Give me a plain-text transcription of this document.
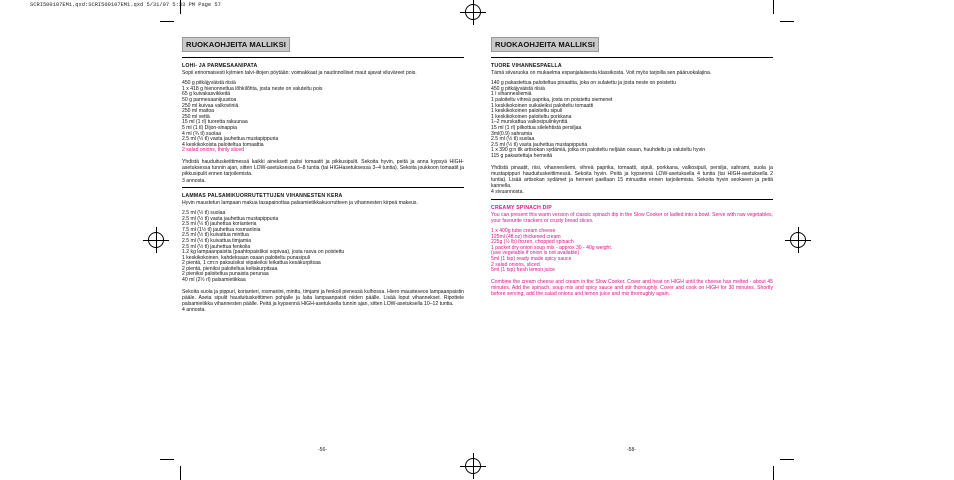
SCRI500107EM1.qxd:SCRI500107EM1.qxd 5/31/07 5:33 PM Page 57
RUOKAOHJEITA MALLIKSI
LOHI- JA PARMESAANIPATA

Sopii erinomaisesti kylmien talvi-iltojen pöytään: voimakkaat ja nautinnolliset maut ajavat viluväreet pois.

450 g pitkäjyväistä riisiä
1 x 418 g hienonnettua lõhkilõhta, josta neste on valuteltu pois
65 g kuivakasvikkeitä
50 g parmesaanijuustoa
250 ml kuivaa valkoviiniä
250 ml maitoa
250 ml vettä
15 ml (1 rl) tuoretta rakuunaa
5 ml (1 tl) Dijon-sinappia
4 ml (¾ tl) suolaa
2.5 ml (½ tl) vasta jauhettua mustapippuria
4 keskikokoista paloiteltua tomaattia
2 salad onions, thinly sliced

Yhdistä hauduituskeittimessä kaikki aineksett paitsi tomaatit ja pikkusipulit. Sekoita hyvin, peitä ja anna kypsyä HIGH-asetuksessa tunnin ajan, sitten LOW-asetuksessa 6–8 tuntia (tai HIGHasetuksessa 3–4 tuntia). Sekoita joukkoon tomaatit ja pikkusipulit ennen tarjoilemista.

3 annosta.

LAMMAS PALSAMIKUORRUTETTUJEN VIHANNESTEN KERA

Hyvin maustetun lampaan makua tasapainottaa palsamietikkakuorrutteen ja vihannesten kirpeä makeus.

2.5 ml (½ tl) suolaa
2.5 ml (½ tl) vasta jauhettua mustapippuria
2.5 ml (½ tl) jauhettua korianteria
7.5 ml (1½ tl) jauhettua rosmariinia
2.5 ml (½ tl) kuivattua minttua
2.5 ml (½ tl) kuivattua timjamia
2.5 ml (½ tl) jauhettua fenkolia
1.2 kg lampaanpaistia (paahtopaistiksi sopivaa), josta rasva on poistettu
1 keskikokoinen, kahdeksaan osaan paloiteltu punasipuli
2 pientä, 1 cm:n paksuisiksi viipaleiksi leikattua kesäkurpitsaa
2 pientä, pieniksi paloiteltua keltakurpitsaa
2 pieniksi paloiteltua punaista perunaa
40 ml (2½ rl) palsamietikkaa

Sekoita suola ja pippuri, korianteri, rosmariini, minttu, timjami ja fenkoli pienessä kulhossa. Hiero mausteseos lampaanpaistin pääle. Aseta sipulit hauduituskeittimen pohjalle ja laita lampaanpaisti niiden päälle. Lisää loput vihannekset. Ripottele palsamietikka vihannesten päälle. Peitä ja kypsennä HIGH-asetuksella tunnin ajan, sitten LOW-asetuksella 10–12 tuntia.

4 annosta.

-56-
RUOKAOHJEITA MALLIKSI
TUORE VIHANNESPAELLA

Tämä siivaruoka on mukaelma espanjalaisesta klassikosta. Voit myös tarjoilla sen pääruokalajina.

140 g pakastettua paloiteltua pinaattia, joka on sulatettu ja josta neste on poistettu
450 g pitkäjyväistä riisiä
1 l vihannesliemiä
1 paloiteltu vihreä paprika, josta on poistettu siemenet
1 keskikokoinen suikaleiksi paloiteltu tomaatti
1 keskikokoinen paloiteltu sipuli
1 keskikokoinen paloiteltu porkkana
1–2 murskattua valkosipulinkynttä
15 ml (1 rl) pilkottua silelehtistä persiljaa
3ml(0.9) sahramia
2.5 ml (½ tl) suolaa
2.5 ml (½ tl) vasta jauhettua mustapippuria
1 x 390 g:n tlk artisokan sydämiä, jotka on paloiteltu neljään osaan, huuhdeltu ja valuteltu hyvin
115 g pakastettuja herneitä

Yhdistä pinaatit, riisi, vihannesliemi, vihreä paprika, tomaatti, sipuli, porkkana, valkosipuli, persilja, sahrami, suola ja mustapippuri hauduituskeittimessä. Sekoita hyvin. Peitä ja kypsennä LOW-asetuksella 4 tuntia (tai HIGH-asetuksella 2 tuntia). Lisää artisokan sydämet ja herneet paellaan 15 minuuttia ennen tarjoilemista. Sekoita hyvin seokseen ja peitä kannella.

4 sivuannosta.

CREAMY SPINACH DIP

You can present this warm version of classic spinach dip in the Slow Cooker or ladled into a bowl. Serve with raw vegetables, your favourite crackers or crusty bread slices.

1 x 400g tube cream cheese
125ml (4fl.oz) thickened cream
225g (½ lb) frozen, chopped spinach
1 packet dry onion soup mix - approx 30 - 40g weight.
(use vegetable if onion is not available)
5ml (1 tsp) ready made spicy sauce
2 salad onions, sliced
5ml (1 tsp) fresh lemon juice

Combine the cream cheese and cream in the Slow Cooker. Cover and heat on HIGH until the cheese has melted - about 45 minutes. Add the spinach, soup mix and spicy sauce and stir thoroughly. Cover and cook on HIGH for 30 minutes. Shortly before serving, add the salad onions and lemon juice and mix thoroughly again.

-58-
